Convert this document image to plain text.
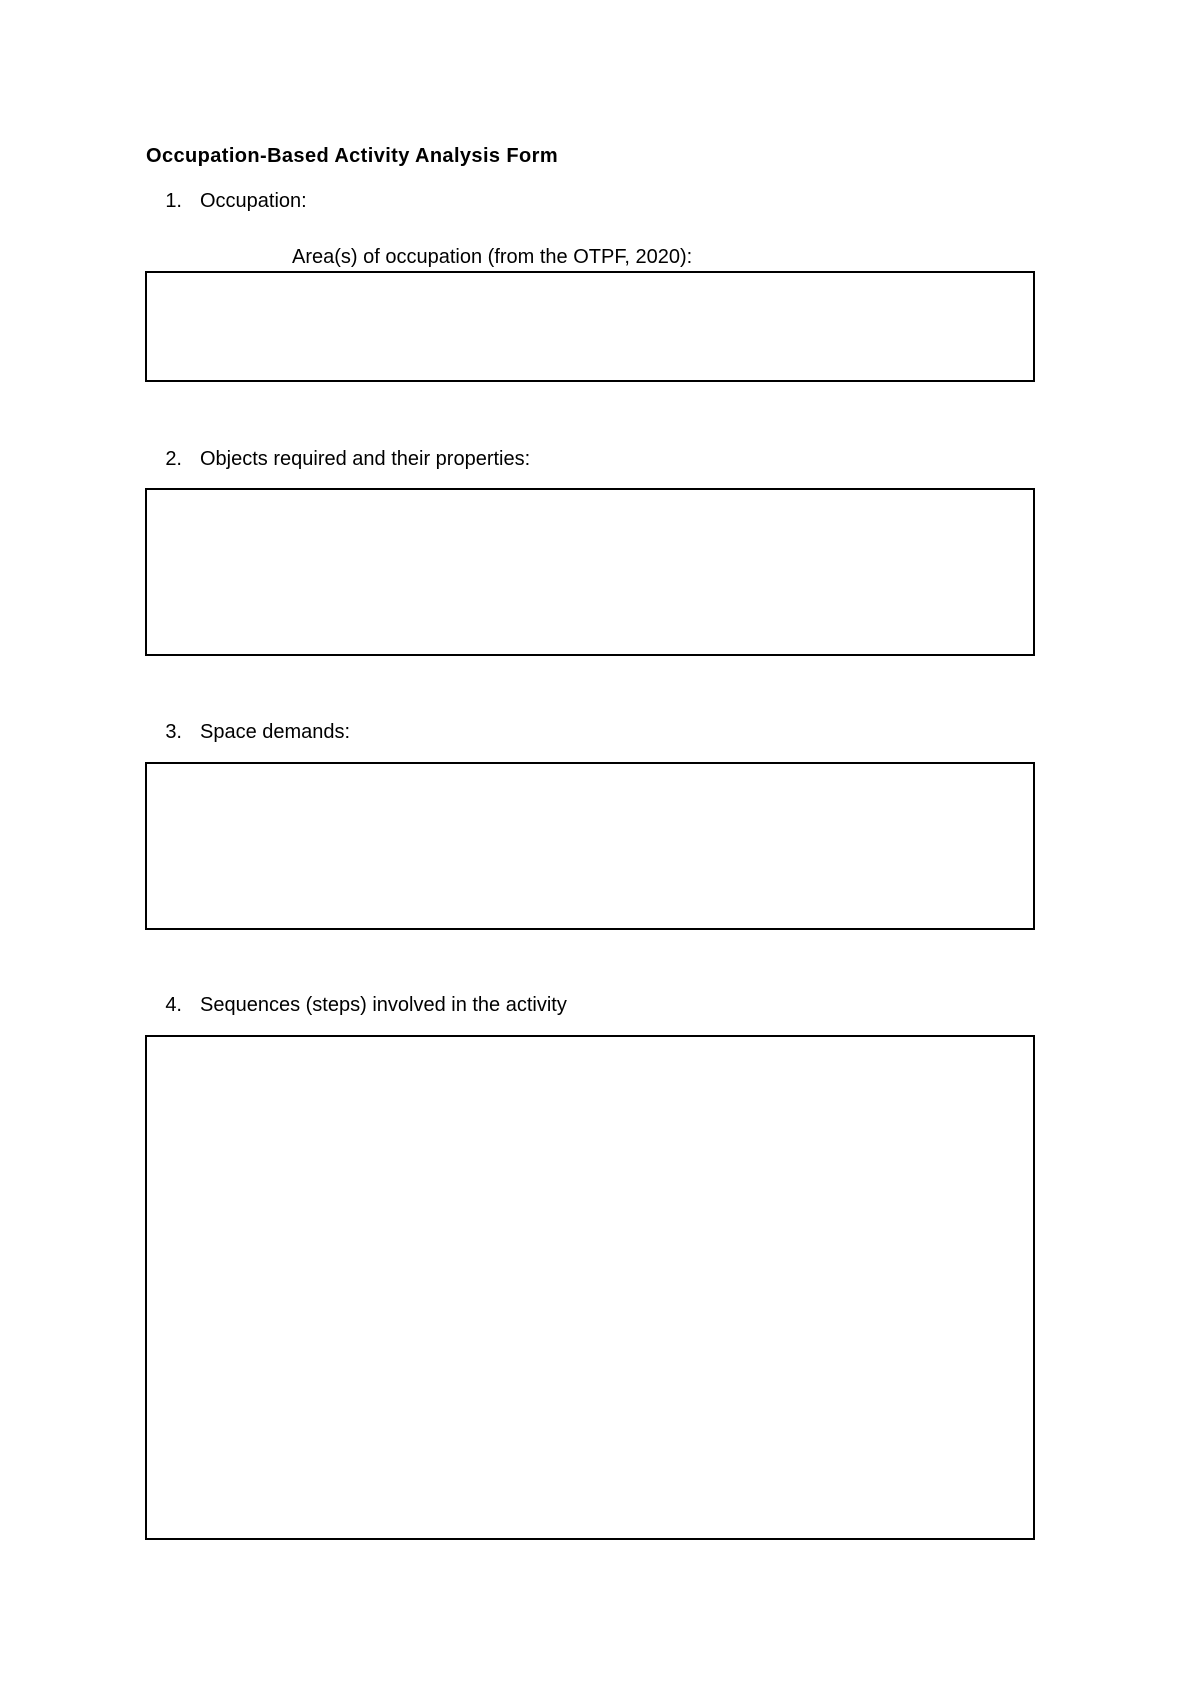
Occupation-Based Activity Analysis Form
1. Occupation:
Area(s) of occupation (from the OTPF, 2020):
2. Objects required and their properties:
3. Space demands:
4. Sequences (steps) involved in the activity
